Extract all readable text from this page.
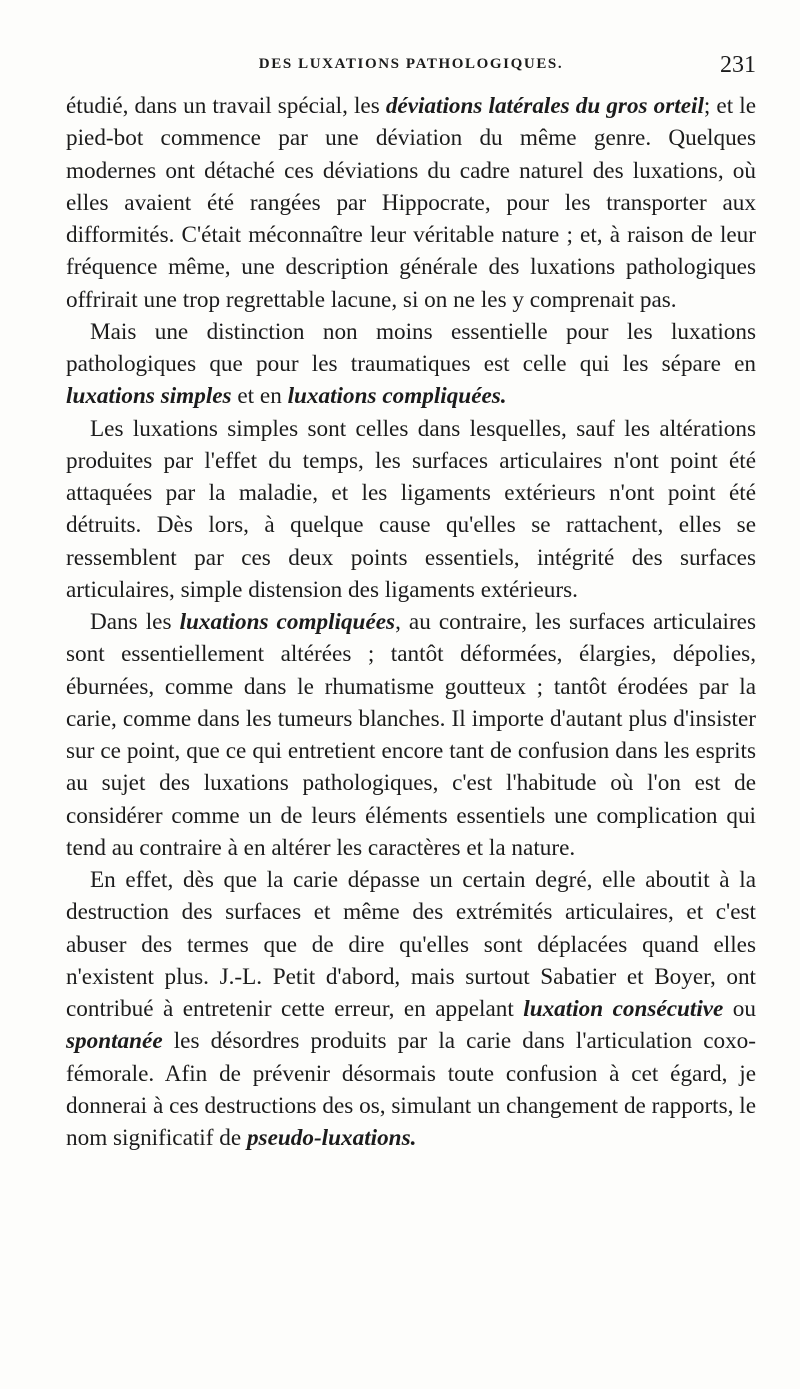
DES LUXATIONS PATHOLOGIQUES.	231

étudié, dans un travail spécial, les déviations latérales du gros orteil; et le pied-bot commence par une déviation du même genre. Quelques modernes ont détaché ces déviations du cadre naturel des luxations, où elles avaient été rangées par Hippocrate, pour les transporter aux difformités. C'était méconnaître leur véritable nature ; et, à raison de leur fréquence même, une description générale des luxations pathologiques offrirait une trop regrettable lacune, si on ne les y comprenait pas.

Mais une distinction non moins essentielle pour les luxations pathologiques que pour les traumatiques est celle qui les sépare en luxations simples et en luxations compliquées.

Les luxations simples sont celles dans lesquelles, sauf les altérations produites par l'effet du temps, les surfaces articulaires n'ont point été attaquées par la maladie, et les ligaments extérieurs n'ont point été détruits. Dès lors, à quelque cause qu'elles se rattachent, elles se ressemblent par ces deux points essentiels, intégrité des surfaces articulaires, simple distension des ligaments extérieurs.

Dans les luxations compliquées, au contraire, les surfaces articulaires sont essentiellement altérées ; tantôt déformées, élargies, dépolies, éburnées, comme dans le rhumatisme goutteux ; tantôt érodées par la carie, comme dans les tumeurs blanches. Il importe d'autant plus d'insister sur ce point, que ce qui entretient encore tant de confusion dans les esprits au sujet des luxations pathologiques, c'est l'habitude où l'on est de considérer comme un de leurs éléments essentiels une complication qui tend au contraire à en altérer les caractères et la nature.

En effet, dès que la carie dépasse un certain degré, elle aboutit à la destruction des surfaces et même des extrémités articulaires, et c'est abuser des termes que de dire qu'elles sont déplacées quand elles n'existent plus. J.-L. Petit d'abord, mais surtout Sabatier et Boyer, ont contribué à entretenir cette erreur, en appelant luxation consécutive ou spontanée les désordres produits par la carie dans l'articulation coxo-fémorale. Afin de prévenir désormais toute confusion à cet égard, je donnerai à ces destructions des os, simulant un changement de rapports, le nom significatif de pseudo-luxations.
